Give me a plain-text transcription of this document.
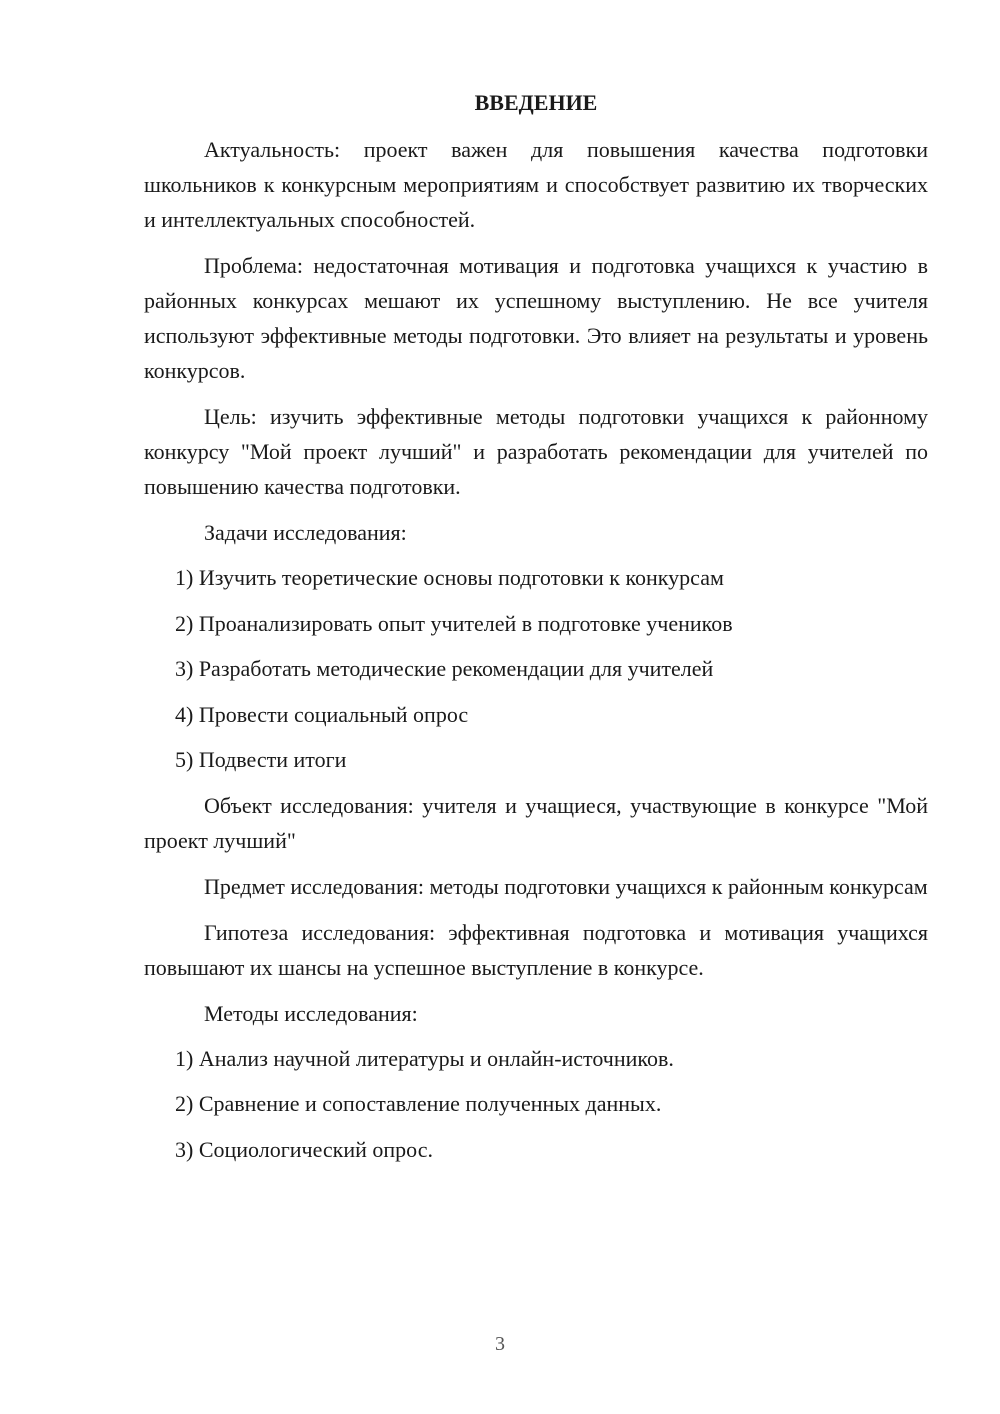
ВВЕДЕНИЕ

Актуальность: проект важен для повышения качества подготовки школьников к конкурсным мероприятиям и способствует развитию их творческих и интеллектуальных способностей.

Проблема: недостаточная мотивация и подготовка учащихся к участию в районных конкурсах мешают их успешному выступлению. Не все учителя используют эффективные методы подготовки. Это влияет на результаты и уровень конкурсов.

Цель: изучить эффективные методы подготовки учащихся к районному конкурсу "Мой проект лучший" и разработать рекомендации для учителей по повышению качества подготовки.

Задачи исследования:

1) Изучить теоретические основы подготовки к конкурсам
2) Проанализировать опыт учителей в подготовке учеников
3) Разработать методические рекомендации для учителей
4) Провести социальный опрос
5) Подвести итоги

Объект исследования: учителя и учащиеся, участвующие в конкурсе "Мой проект лучший"

Предмет исследования: методы подготовки учащихся к районным конкурсам

Гипотеза исследования: эффективная подготовка и мотивация учащихся повышают их шансы на успешное выступление в конкурсе.

Методы исследования:

1) Анализ научной литературы и онлайн-источников.
2) Сравнение и сопоставление полученных данных.
3) Социологический опрос.
3
